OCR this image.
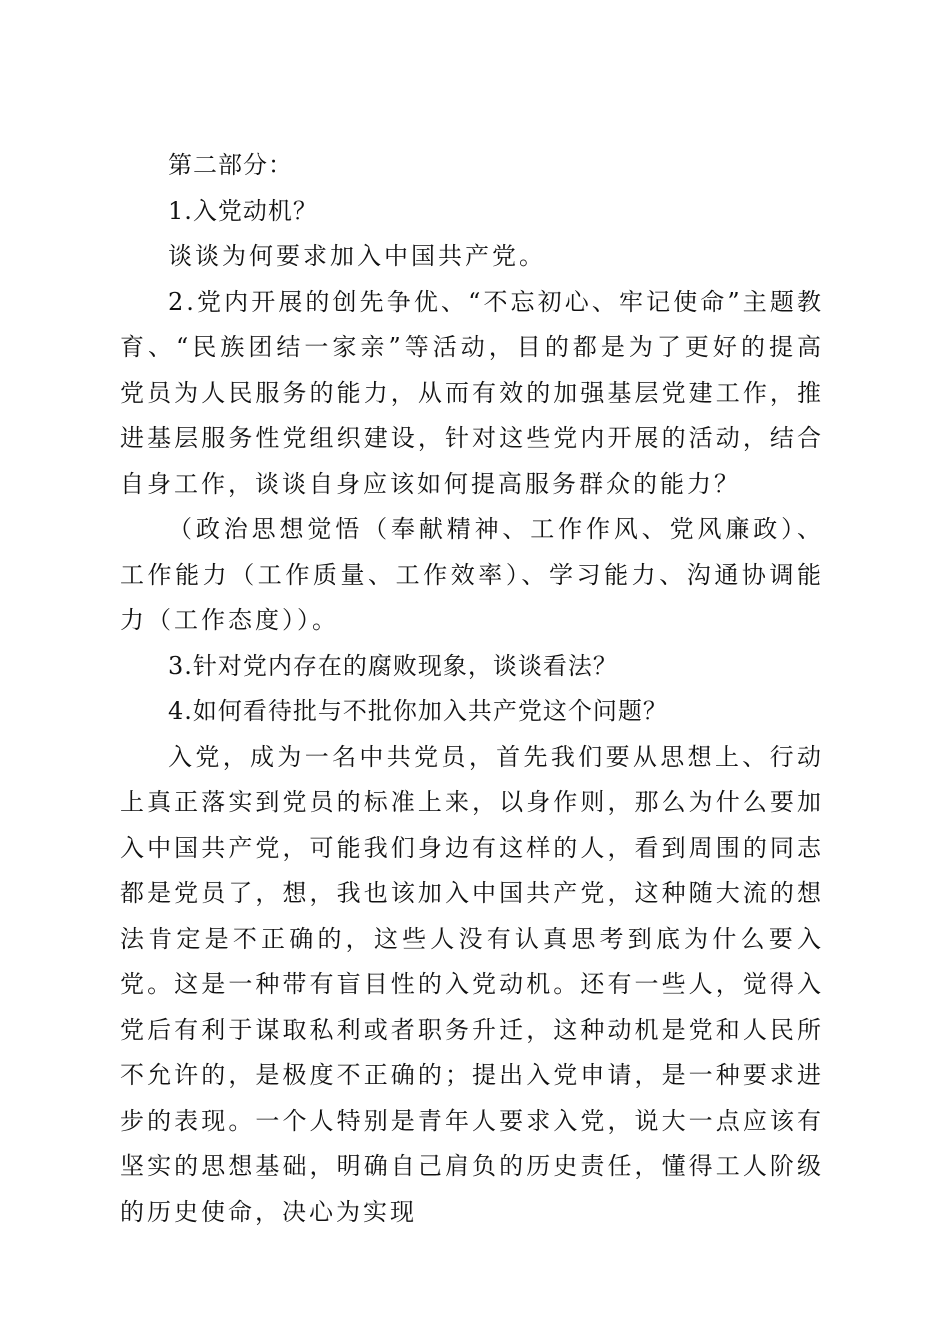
第二部分：

1.入党动机？

谈谈为何要求加入中国共产党。

2.党内开展的创先争优、“不忘初心、牢记使命”主题教育、“民族团结一家亲”等活动，目的都是为了更好的提高党员为人民服务的能力，从而有效的加强基层党建工作，推进基层服务性党组织建设，针对这些党内开展的活动，结合自身工作，谈谈自身应该如何提高服务群众的能力？

（政治思想觉悟（奉献精神、工作作风、党风廉政）、工作能力（工作质量、工作效率）、学习能力、沟通协调能力（工作态度））。

3.针对党内存在的腐败现象，谈谈看法？

4.如何看待批与不批你加入共产党这个问题？

入党，成为一名中共党员，首先我们要从思想上、行动上真正落实到党员的标准上来，以身作则，那么为什么要加入中国共产党，可能我们身边有这样的人，看到周围的同志都是党员了，想，我也该加入中国共产党，这种随大流的想法肯定是不正确的，这些人没有认真思考到底为什么要入党。这是一种带有盲目性的入党动机。还有一些人，觉得入党后有利于谋取私利或者职务升迁，这种动机是党和人民所不允许的，是极度不正确的；提出入党申请，是一种要求进步的表现。一个人特别是青年人要求入党，说大一点应该有坚实的思想基础，明确自己肩负的历史责任，懂得工人阶级的历史使命，决心为实现
